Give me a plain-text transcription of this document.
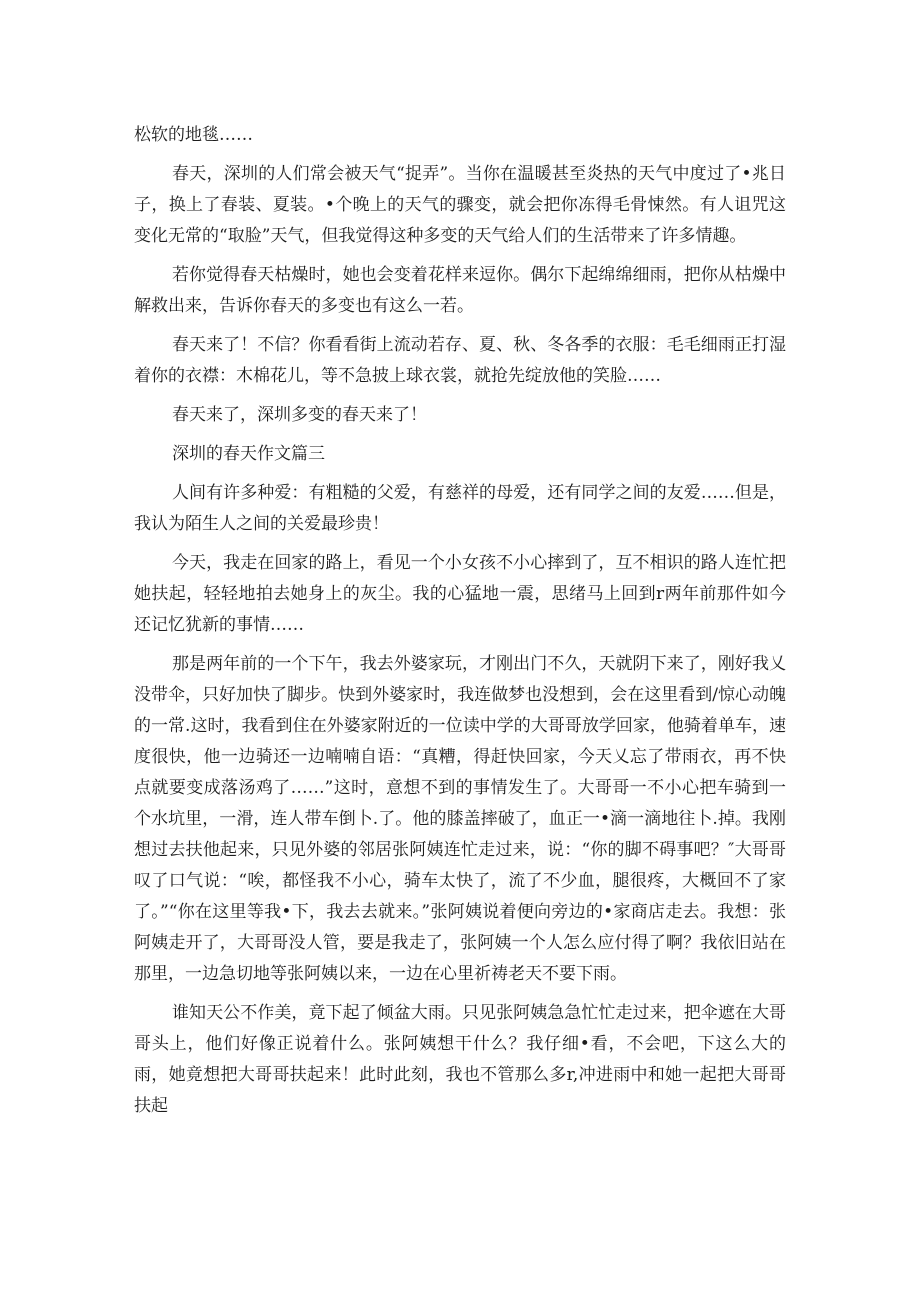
松软的地毯……

春天，深圳的人们常会被天气“捉弄”。当你在温暖甚至炎热的天气中度过了•兆日子，换上了春装、夏装。•个晚上的天气的骤变，就会把你冻得毛骨悚然。有人诅咒这变化无常的“取脸”天气，但我觉得这种多变的天气给人们的生活带来了许多情趣。

若你觉得春天枯燥时，她也会变着花样来逗你。偶尔下起绵绵细雨，把你从枯燥中解救出来，告诉你春天的多变也有这么一若。

春天来了！不信？你看看街上流动若存、夏、秋、冬各季的衣服：毛毛细雨正打湿着你的衣襟：木棉花儿，等不急披上球衣裳，就抢先绽放他的笑脸……

春天来了，深圳多变的春天来了！

深圳的春天作文篇三

人间有许多种爱：有粗糙的父爱，有慈祥的母爱，还有同学之间的友爱……但是，我认为陌生人之间的关爱最珍贵！

今天，我走在回家的路上，看见一个小女孩不小心摔到了，互不相识的路人连忙把她扶起，轻轻地拍去她身上的灰尘。我的心猛地一震，思绪马上回到r两年前那件如今还记忆犹新的事情……

那是两年前的一个下午，我去外婆家玩，才刚出门不久，天就阴下来了，刚好我乂没带伞，只好加快了脚步。快到外婆家时，我连做梦也没想到，会在这里看到/惊心动魄的一常.这时，我看到住在外婆家附近的一位读中学的大哥哥放学回家，他骑着单车，速度很快，他一边骑还一边喃喃自语：“真糟，得赶快回家，今天乂忘了带雨衣，再不快点就要变成落汤鸡了……”这时，意想不到的事情发生了。大哥哥一不小心把车骑到一个水坑里，一滑，连人带车倒卜.了。他的膝盖摔破了，血正一•滴一滴地往卜.掉。我刚想过去扶他起来，只见外婆的邻居张阿姨连忙走过来，说：“你的脚不碍事吧？″大哥哥叹了口气说：“唉，都怪我不小心，骑车太快了，流了不少血，腿很疼，大概回不了家了。”“你在这里等我•下，我去去就来。”张阿姨说着便向旁边的•家商店走去。我想：张阿姨走开了，大哥哥没人管，要是我走了，张阿姨一个人怎么应付得了啊？我依旧站在那里，一边急切地等张阿姨以来，一边在心里祈祷老天不要下雨。

谁知天公不作美，竟下起了倾盆大雨。只见张阿姨急急忙忙走过来，把伞遮在大哥哥头上，他们好像正说着什么。张阿姨想干什么？我仔细•看，不会吧，下这么大的雨，她竟想把大哥哥扶起来！此时此刻，我也不管那么多r,冲进雨中和她一起把大哥哥扶起
